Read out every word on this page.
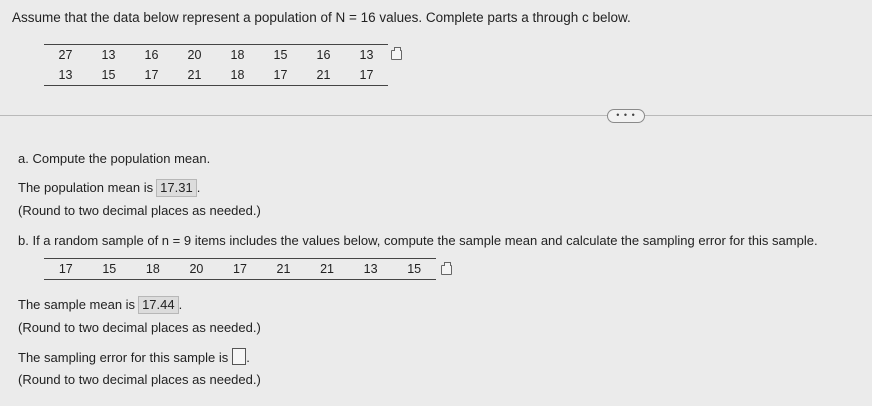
Assume that the data below represent a population of N = 16 values. Complete parts a through c below.
27	13	16	20	18	15	16	13
13	15	17	21	18	17	21	17
• • •
a. Compute the population mean.
The population mean is 17.31 .
(Round to two decimal places as needed.)
b. If a random sample of n = 9 items includes the values below, compute the sample mean and calculate the sampling error for this sample.
17	15	18	20	17	21	21	13	15
The sample mean is 17.44 .
(Round to two decimal places as needed.)
The sampling error for this sample is .
(Round to two decimal places as needed.)
